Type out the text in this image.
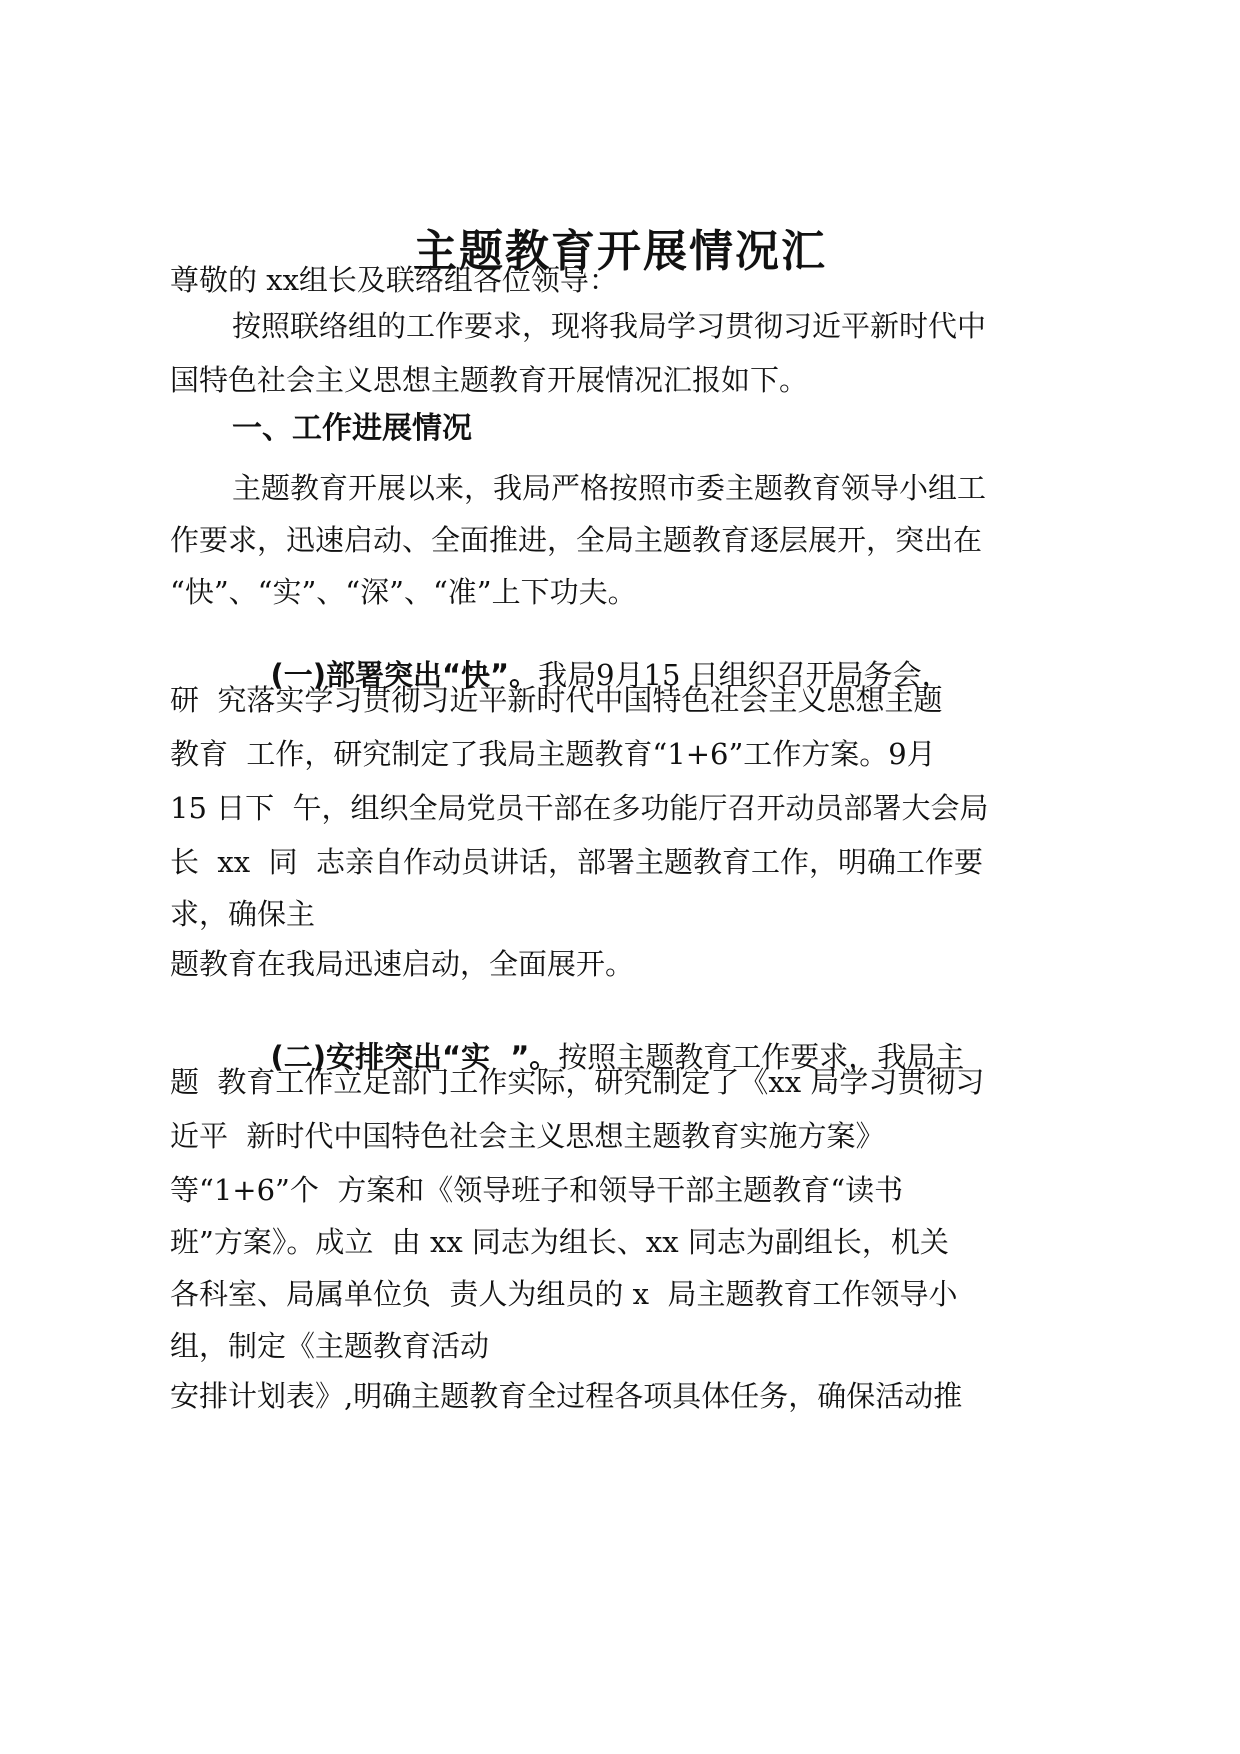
主题教育开展情况汇
尊敬的 xx组长及联络组各位领导：
按照联络组的工作要求，现将我局学习贯彻习近平新时代中
国特色社会主义思想主题教育开展情况汇报如下。
一、工作进展情况
主题教育开展以来，我局严格按照市委主题教育领导小组工
作要求，迅速启动、全面推进，全局主题教育逐层展开，突出在
“快”、“实”、“深”、“准”上下功夫。

(一)部署突出“快”。我局9月15 日组织召开局务会，

研  究落实学习贯彻习近平新时代中国特色社会主义思想主题
教育  工作，研究制定了我局主题教育“1+6”工作方案。9月
15 日下  午，组织全局党员干部在多功能厅召开动员部署大会局
长  xx  同  志亲自作动员讲话，部署主题教育工作，明确工作要
求，确保主
题教育在我局迅速启动，全面展开。

(二)安排突出“实  ”。按照主题教育工作要求，我局主

题  教育工作立足部门工作实际，研究制定了《xx 局学习贯彻习
近平  新时代中国特色社会主义思想主题教育实施方案》
等“1+6”个  方案和《领导班子和领导干部主题教育“读书
班”方案》。成立  由 xx 同志为组长、xx 同志为副组长，机关
各科室、局属单位负  责人为组员的 x  局主题教育工作领导小
组，制定《主题教育活动
安排计划表》,明确主题教育全过程各项具体任务，确保活动推
